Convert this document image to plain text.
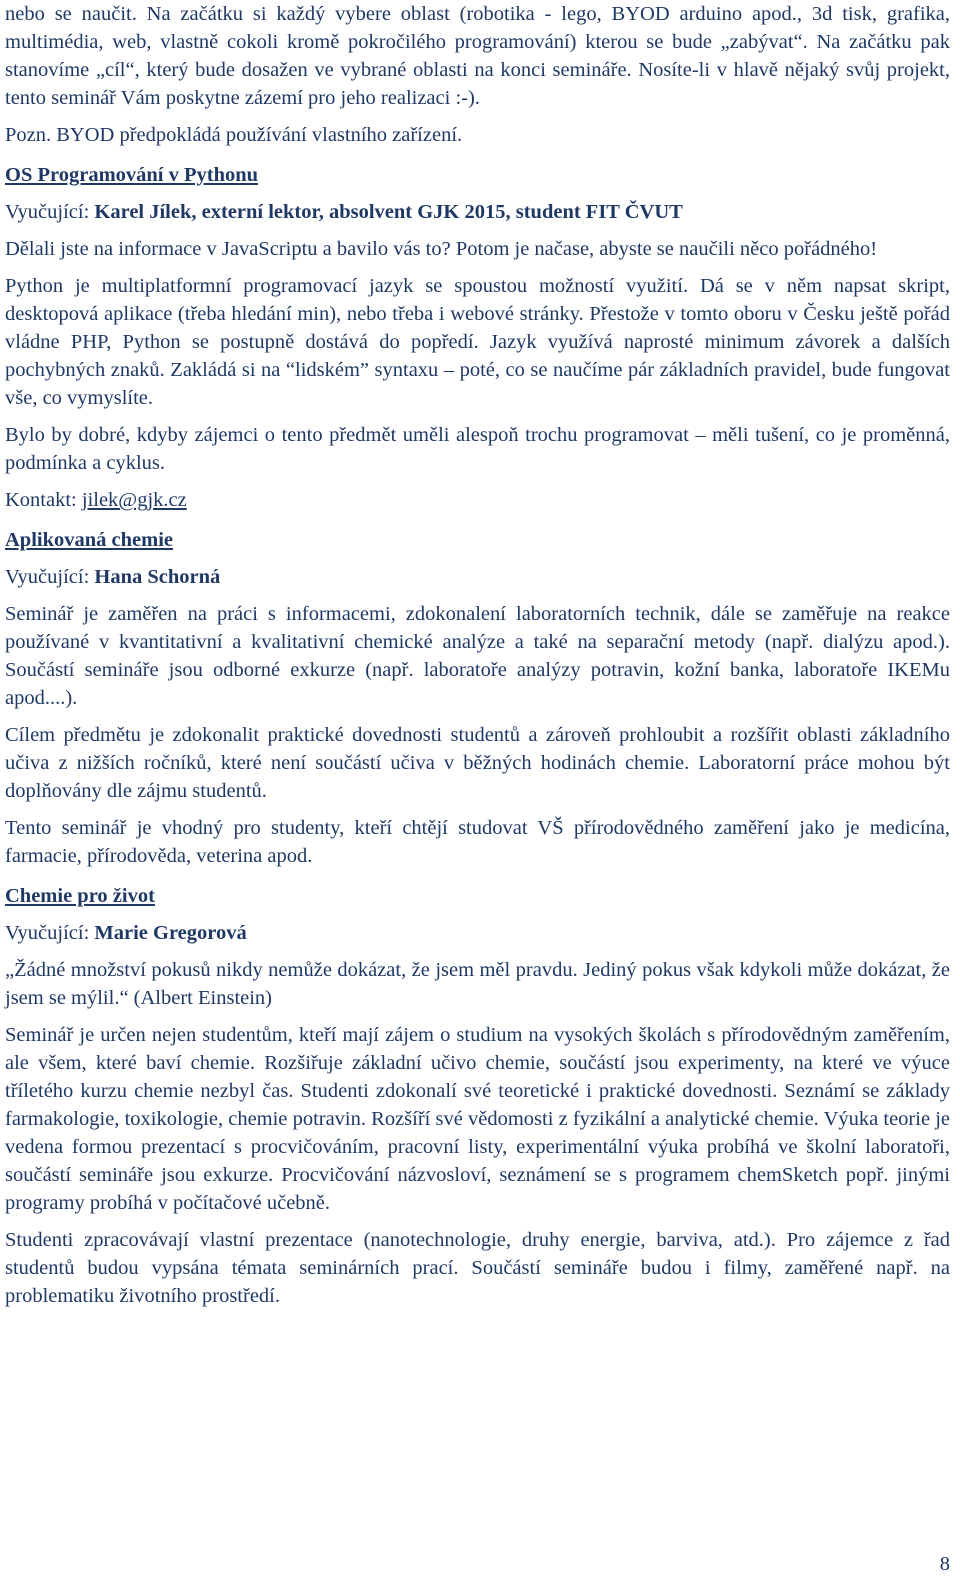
nebo se naučit. Na začátku si každý vybere oblast (robotika - lego, BYOD arduino apod., 3d tisk, grafika, multimédia, web, vlastně cokoli kromě pokročilého programování) kterou se bude „zabývat“. Na začátku pak stanovíme „cíl“, který bude dosažen ve vybrané oblasti na konci semináře. Nosíte-li v hlavě nějaký svůj projekt, tento seminář Vám poskytne zázemí pro jeho realizaci :-).

Pozn. BYOD předpokládá používání vlastního zařízení.

OS Programování v Pythonu

Vyučující: Karel Jílek, externí lektor, absolvent GJK 2015, student FIT ČVUT

Dělali jste na informace v JavaScriptu a bavilo vás to? Potom je načase, abyste se naučili něco pořádného!

Python je multiplatformní programovací jazyk se spoustou možností využití. Dá se v něm napsat skript, desktopová aplikace (třeba hledání min), nebo třeba i webové stránky. Přestože v tomto oboru v Česku ještě pořád vládne PHP, Python se postupně dostává do popředí. Jazyk využívá naprosté minimum závorek a dalších pochybných znaků. Zakládá si na “lidském” syntaxu – poté, co se naučíme pár základních pravidel, bude fungovat vše, co vymyslíte.

Bylo by dobré, kdyby zájemci o tento předmět uměli alespoň trochu programovat – měli tušení, co je proměnná, podmínka a cyklus.

Kontakt: jilek@gjk.cz

Aplikovaná chemie

Vyučující: Hana Schorná

Seminář je zaměřen na práci s informacemi, zdokonalení laboratorních technik, dále se zaměřuje na reakce používané v kvantitativní a kvalitativní chemické analýze a také na separační metody (např. dialýzu apod.). Součástí semináře jsou odborné exkurze (např. laboratoře analýzy potravin, kožní banka, laboratoře IKEMu apod....).

Cílem předmětu je zdokonalit praktické dovednosti studentů a zároveň prohloubit a rozšířit oblasti základního učiva z nižších ročníků, které není součástí učiva v běžných hodinách chemie. Laboratorní práce mohou být doplňovány dle zájmu studentů.

Tento seminář je vhodný pro studenty, kteří chtějí studovat VŠ přírodovědného zaměření jako je medicína, farmacie, přírodověda, veterina apod.

Chemie pro život

Vyučující: Marie Gregorová

„Žádné množství pokusů nikdy nemůže dokázat, že jsem měl pravdu. Jediný pokus však kdykoli může dokázat, že jsem se mýlil.“ (Albert Einstein)

Seminář je určen nejen studentům, kteří mají zájem o studium na vysokých školách s přírodovědným zaměřením, ale všem, které baví chemie. Rozšiřuje základní učivo chemie, součástí jsou experimenty, na které ve výuce tříletého kurzu chemie nezbyl čas. Studenti zdokonalí své teoretické i praktické dovednosti. Seznámí se základy farmakologie, toxikologie, chemie potravin. Rozšíří své vědomosti z fyzikální a analytické chemie. Výuka teorie je vedena formou prezentací s procvičováním, pracovní listy, experimentální výuka probíhá ve školní laboratoři, součástí semináře jsou exkurze. Procvičování názvosloví, seznámení se s programem chemSketch popř. jinými programy probíhá v počítačové učebně.

Studenti zpracovávají vlastní prezentace (nanotechnologie, druhy energie, barviva, atd.). Pro zájemce z řad studentů budou vypsána témata seminárních prací. Součástí semináře budou i filmy, zaměřené např. na problematiku životního prostředí.

8
